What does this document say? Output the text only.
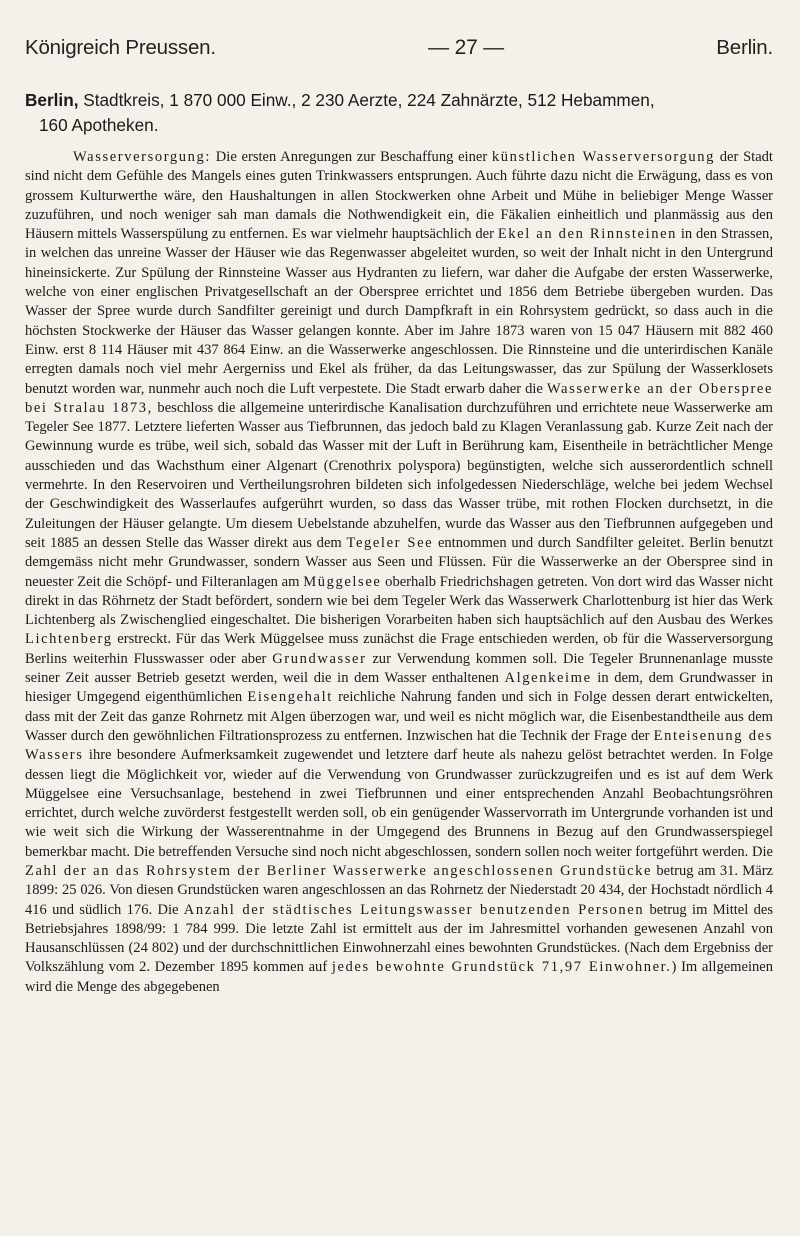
Königreich Preussen.	— 27 —	Berlin.
Berlin, Stadtkreis, 1 870 000 Einw., 2 230 Aerzte, 224 Zahnärzte, 512 Hebammen,
160 Apotheken.

Wasserversorgung: Die ersten Anregungen zur Beschaffung einer künstlichen Wasserversorgung der Stadt sind nicht dem Gefühle des Mangels eines guten Trinkwassers entsprungen. Auch führte dazu nicht die Erwägung, dass es von grossem Kulturwerthe wäre, den Haushaltungen in allen Stockwerken ohne Arbeit und Mühe in beliebiger Menge Wasser zuzuführen, und noch weniger sah man damals die Nothwendigkeit ein, die Fäkalien einheitlich und planmässig aus den Häusern mittels Wasserspülung zu entfernen. Es war vielmehr hauptsächlich der Ekel an den Rinnsteinen in den Strassen, in welchen das unreine Wasser der Häuser wie das Regenwasser abgeleitet wurden, so weit der Inhalt nicht in den Untergrund hineinsickerte. Zur Spülung der Rinnsteine Wasser aus Hydranten zu liefern, war daher die Aufgabe der ersten Wasserwerke, welche von einer englischen Privatgesellschaft an der Oberspree errichtet und 1856 dem Betriebe übergeben wurden. Das Wasser der Spree wurde durch Sandfilter gereinigt und durch Dampfkraft in ein Rohrsystem gedrückt, so dass auch in die höchsten Stockwerke der Häuser das Wasser gelangen konnte. Aber im Jahre 1873 waren von 15 047 Häusern mit 882 460 Einw. erst 8 114 Häuser mit 437 864 Einw. an die Wasserwerke angeschlossen. Die Rinnsteine und die unterirdischen Kanäle erregten damals noch viel mehr Aergerniss und Ekel als früher, da das Leitungswasser, das zur Spülung der Wasserklosets benutzt worden war, nunmehr auch noch die Luft verpestete. Die Stadt erwarb daher die Wasserwerke an der Oberspree bei Stralau 1873, beschloss die allgemeine unterirdische Kanalisation durchzuführen und errichtete neue Wasserwerke am Tegeler See 1877. Letztere lieferten Wasser aus Tiefbrunnen, das jedoch bald zu Klagen Veranlassung gab. Kurze Zeit nach der Gewinnung wurde es trübe, weil sich, sobald das Wasser mit der Luft in Berührung kam, Eisentheile in beträchtlicher Menge ausschieden und das Wachsthum einer Algenart (Crenothrix polyspora) begünstigten, welche sich ausserordentlich schnell vermehrte. In den Reservoiren und Vertheilungsrohren bildeten sich infolgedessen Niederschläge, welche bei jedem Wechsel der Geschwindigkeit des Wasserlaufes aufgerührt wurden, so dass das Wasser trübe, mit rothen Flocken durchsetzt, in die Zuleitungen der Häuser gelangte. Um diesem Uebelstande abzuhelfen, wurde das Wasser aus den Tiefbrunnen aufgegeben und seit 1885 an dessen Stelle das Wasser direkt aus dem Tegeler See entnommen und durch Sandfilter geleitet. Berlin benutzt demgemäss nicht mehr Grundwasser, sondern Wasser aus Seen und Flüssen. Für die Wasserwerke an der Oberspree sind in neuester Zeit die Schöpf- und Filteranlagen am Müggelsee oberhalb Friedrichshagen getreten. Von dort wird das Wasser nicht direkt in das Röhrnetz der Stadt befördert, sondern wie bei dem Tegeler Werk das Wasserwerk Charlottenburg ist hier das Werk Lichtenberg als Zwischenglied eingeschaltet. Die bisherigen Vorarbeiten haben sich hauptsächlich auf den Ausbau des Werkes Lichtenberg erstreckt. Für das Werk Müggelsee muss zunächst die Frage entschieden werden, ob für die Wasserversorgung Berlins weiterhin Flusswasser oder aber Grundwasser zur Verwendung kommen soll. Die Tegeler Brunnenanlage musste seiner Zeit ausser Betrieb gesetzt werden, weil die in dem Wasser enthaltenen Algenkeime in dem, dem Grundwasser in hiesiger Umgegend eigenthümlichen Eisengehalt reichliche Nahrung fanden und sich in Folge dessen derart entwickelten, dass mit der Zeit das ganze Rohrnetz mit Algen überzogen war, und weil es nicht möglich war, die Eisenbestandtheile aus dem Wasser durch den gewöhnlichen Filtrationsprozess zu entfernen. Inzwischen hat die Technik der Frage der Enteisenung des Wassers ihre besondere Aufmerksamkeit zugewendet und letztere darf heute als nahezu gelöst betrachtet werden. In Folge dessen liegt die Möglichkeit vor, wieder auf die Verwendung von Grundwasser zurückzugreifen und es ist auf dem Werk Müggelsee eine Versuchsanlage, bestehend in zwei Tiefbrunnen und einer entsprechenden Anzahl Beobachtungsröhren errichtet, durch welche zuvörderst festgestellt werden soll, ob ein genügender Wasservorrath im Untergrunde vorhanden ist und wie weit sich die Wirkung der Wasserentnahme in der Umgegend des Brunnens in Bezug auf den Grundwasserspiegel bemerkbar macht. Die betreffenden Versuche sind noch nicht abgeschlossen, sondern sollen noch weiter fortgeführt werden. Die Zahl der an das Rohrsystem der Berliner Wasserwerke angeschlossenen Grundstücke betrug am 31. März 1899: 25 026. Von diesen Grundstücken waren angeschlossen an das Rohrnetz der Niederstadt 20 434, der Hochstadt nördlich 4 416 und südlich 176. Die Anzahl der städtisches Leitungswasser benutzenden Personen betrug im Mittel des Betriebsjahres 1898/99: 1 784 999. Die letzte Zahl ist ermittelt aus der im Jahresmittel vorhanden gewesenen Anzahl von Hausanschlüssen (24 802) und der durchschnittlichen Einwohnerzahl eines bewohnten Grundstückes. (Nach dem Ergebniss der Volkszählung vom 2. Dezember 1895 kommen auf jedes bewohnte Grundstück 71,97 Einwohner.) Im allgemeinen wird die Menge des abgegebenen
